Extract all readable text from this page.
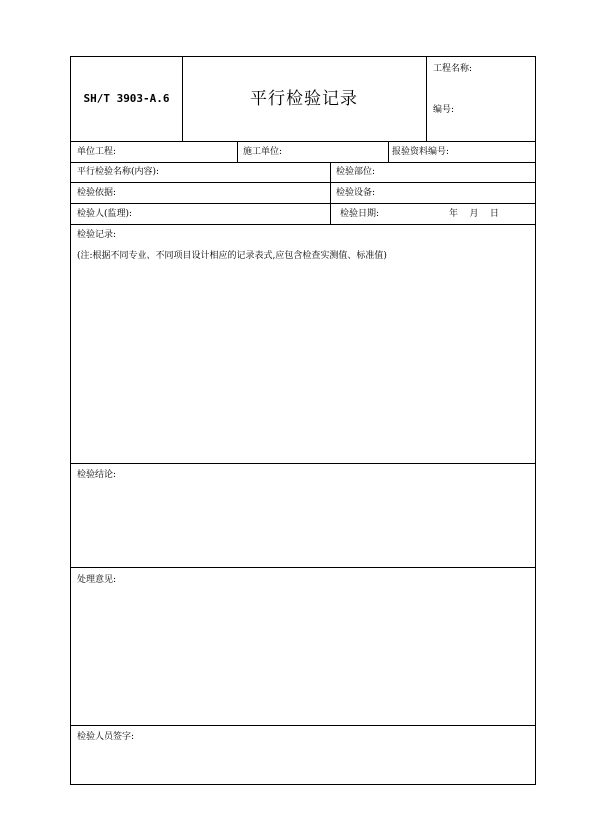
SH/T 3903-A.6	平行检验记录
工程名称:
编号:
单位工程:	施工单位:	报验资料编号:
平行检验名称(内容):	检验部位:
检验依据:	检验设备:
检验人(监理):	检验日期:	年    月    日
检验记录:
(注:根据不同专业、不同项目设计相应的记录表式,应包含检查实测值、标准值)
检验结论:
处理意见:
检验人员签字:
